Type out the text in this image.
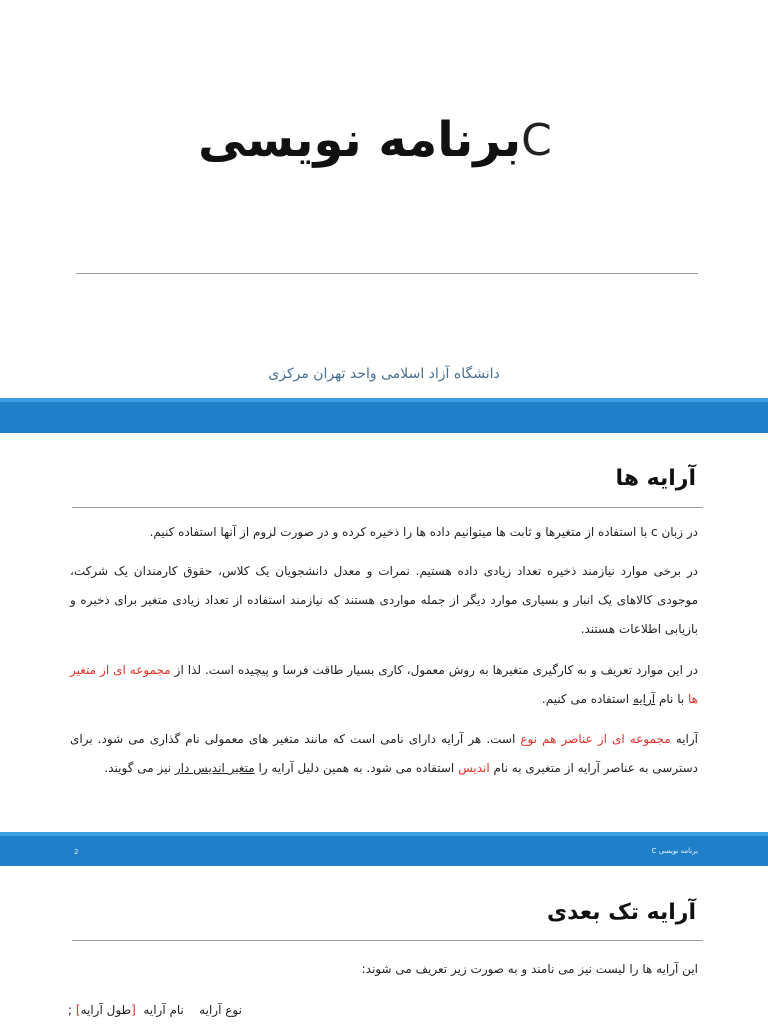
برنامه نویسی C
دانشگاه آزاد اسلامی واحد تهران مرکزی
آرایه ها
در زبان c با استفاده از متغیرها و ثابت ها میتوانیم داده ها را ذخیره کرده و در صورت لزوم از آنها استفاده کنیم.
در برخی موارد نیازمند ذخیره تعداد زیادی داده هستیم. نمرات و معدل دانشجویان یک کلاس، حقوق کارمندان یک شرکت، موجودی کالاهای یک انبار و بسیاری موارد دیگر از جمله مواردی هستند که نیازمند استفاده از تعداد زیادی متغیر برای ذخیره و بازیابی اطلاعات هستند.
در این موارد تعریف و به کارگیری متغیرها به روش معمول، کاری بسیار طاقت فرسا و پیچیده است. لذا از مجموعه ای از متغیر ها با نام آرایه استفاده می کنیم.
آرایه مجموعه ای از عناصر هم نوع است. هر آرایه دارای نامی است که مانند متغیر های معمولی نام گذاری می شود. برای دسترسی به عناصر آرایه از متغیری به نام اندیس استفاده می شود. به همین دلیل آرایه را متغیر اندیس دار نیز می گویند.
2	برنامه نویسی C
آرایه تک بعدی
این آرایه ها را لیست نیز می نامند و به صورت زیر تعریف می شوند:
نوع آرایه    نام آرایه  [طول آرایه] ;
